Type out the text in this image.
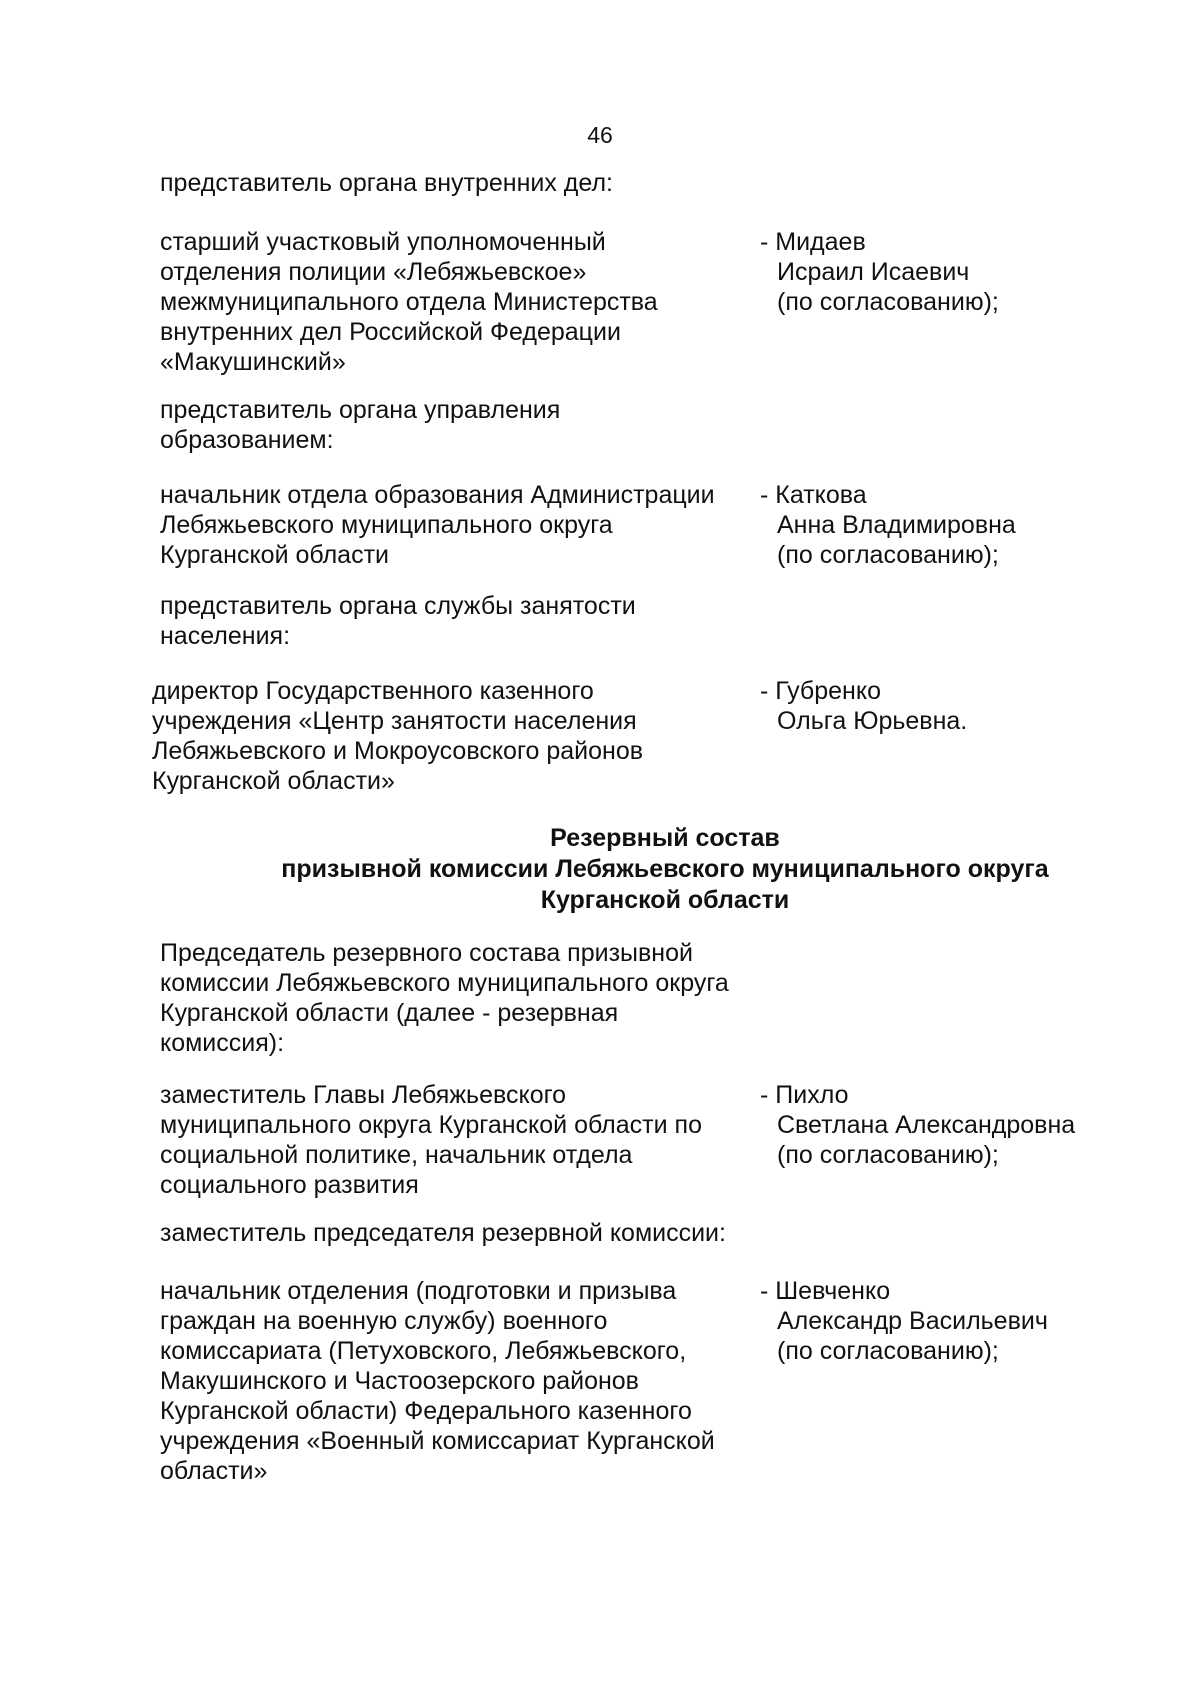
46
представитель органа внутренних дел:
старший участковый уполномоченный
отделения полиции «Лебяжьевское»
межмуниципального отдела Министерства
внутренних дел Российской Федерации
«Макушинский»
- Мидаев
Исраил Исаевич
(по согласованию);
представитель органа управления
образованием:
начальник отдела образования Администрации
Лебяжьевского муниципального округа
Курганской области
- Каткова
Анна Владимировна
(по согласованию);
представитель органа службы занятости
населения:
директор Государственного казенного
учреждения «Центр занятости населения
Лебяжьевского и Мокроусовского районов
Курганской области»
- Губренко
Ольга Юрьевна.
Резервный состав
призывной комиссии Лебяжьевского муниципального округа
Курганской области
Председатель резервного состава призывной
комиссии Лебяжьевского муниципального округа
Курганской области (далее - резервная
комиссия):
заместитель Главы Лебяжьевского
муниципального округа Курганской области по
социальной политике, начальник отдела
социального развития
- Пихло
Светлана Александровна
(по согласованию);
заместитель председателя резервной комиссии:
начальник отделения (подготовки и призыва
граждан на военную службу) военного
комиссариата (Петуховского, Лебяжьевского,
Макушинского и Частоозерского районов
Курганской области) Федерального казенного
учреждения «Военный комиссариат Курганской
области»
- Шевченко
Александр Васильевич
(по согласованию);
